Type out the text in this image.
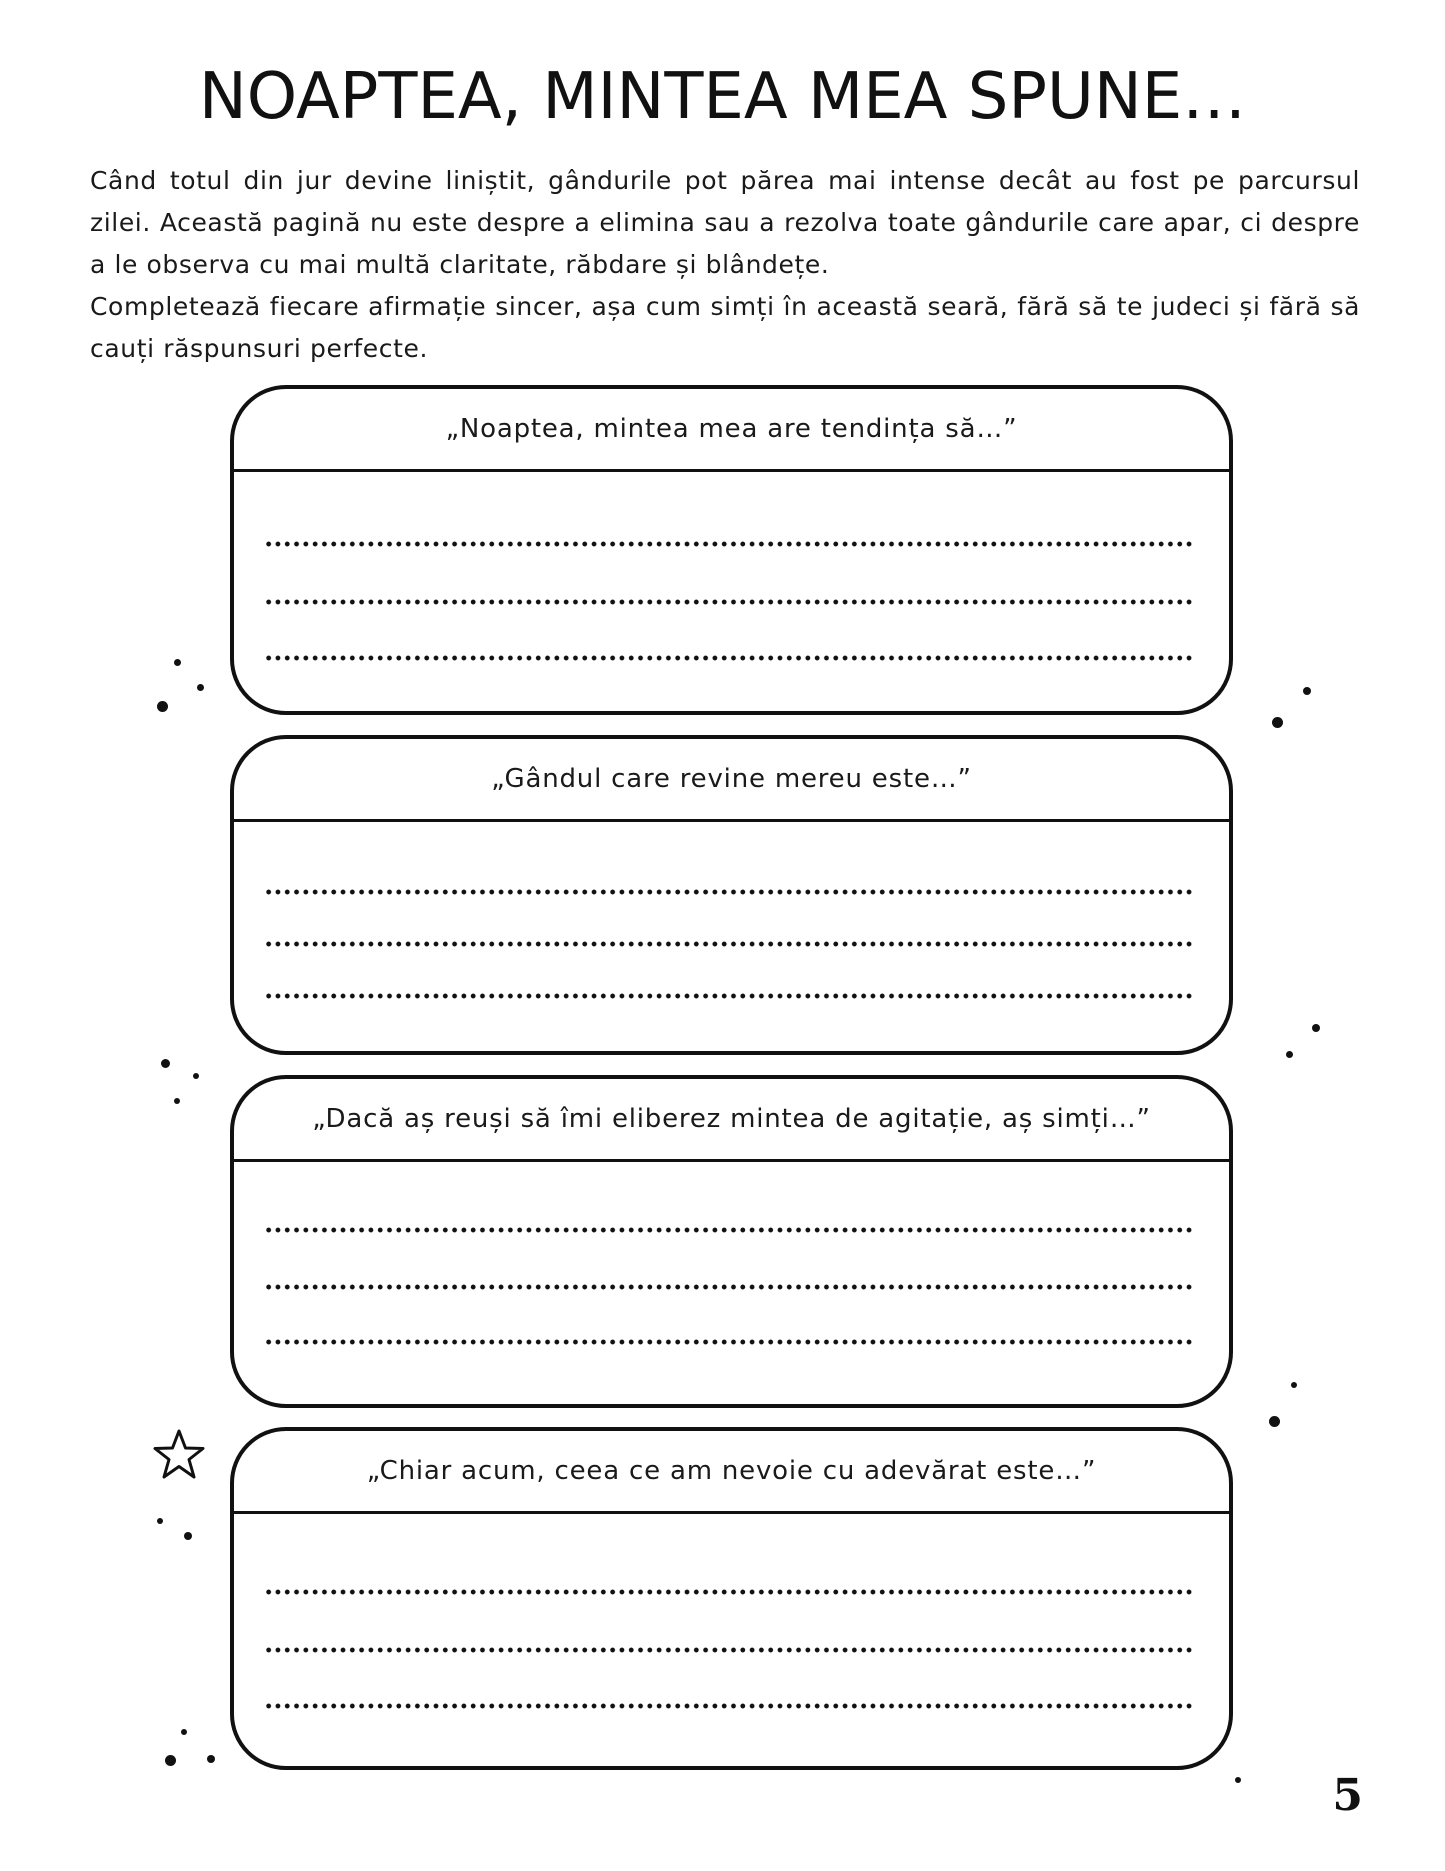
NOAPTEA, MINTEA MEA SPUNE…

Când totul din jur devine liniștit, gândurile pot părea mai intense decât au fost pe parcursul zilei. Această pagină nu este despre a elimina sau a rezolva toate gândurile care apar, ci despre a le observa cu mai multă claritate, răbdare și blândețe.

Completează fiecare afirmație sincer, așa cum simți în această seară, fără să te judeci și fără să cauți răspunsuri perfecte.

„Noaptea, mintea mea are tendința să…”
„Gândul care revine mereu este…”
„Dacă aș reuși să îmi eliberez mintea de agitație, aș simți…”
„Chiar acum, ceea ce am nevoie cu adevărat este…”
5
